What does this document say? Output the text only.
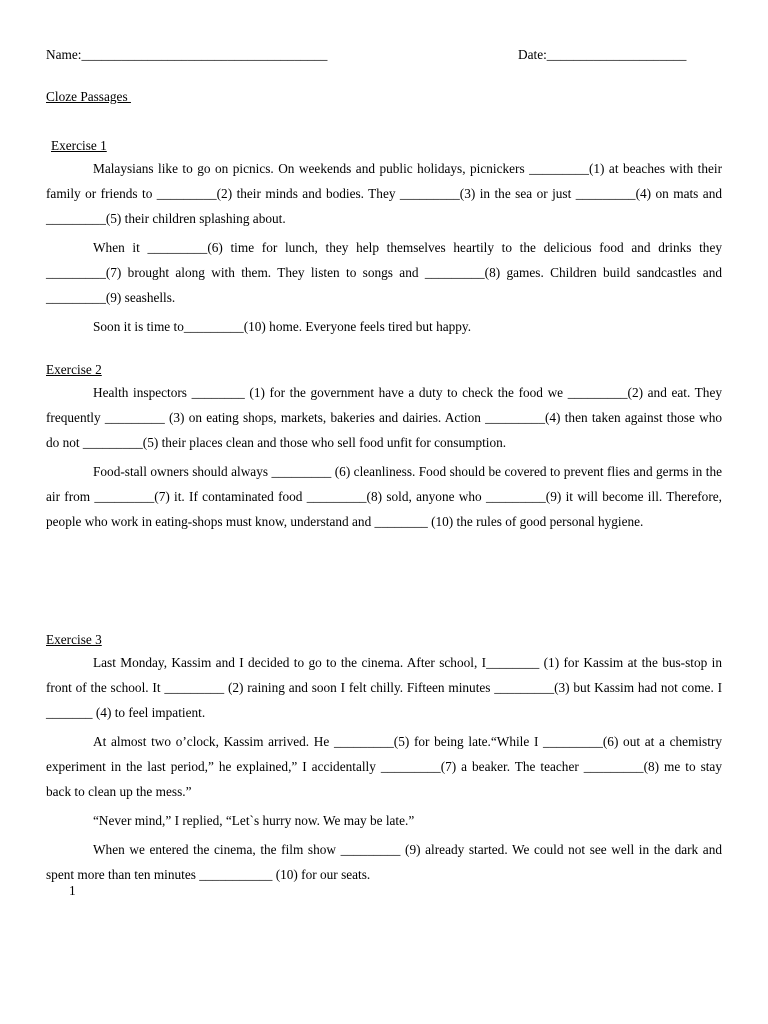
Name:_____________________________________	Date:_____________________
Cloze Passages
Exercise 1

Malaysians like to go on picnics. On weekends and public holidays, picnickers _________(1) at beaches with their family or friends to _________(2) their minds and bodies. They _________(3) in the sea or just _________(4) on mats and _________(5) their children splashing about.

When it _________(6) time for lunch, they help themselves heartily to the delicious food and drinks they _________(7) brought along with them. They listen to songs and _________(8) games. Children build sandcastles and _________(9) seashells.

Soon it is time to_________(10) home. Everyone feels tired but happy.

Exercise 2

Health inspectors ________ (1) for the government have a duty to check the food we _________(2) and eat. They frequently _________ (3) on eating shops, markets, bakeries and dairies. Action _________(4) then taken against those who do not _________(5) their places clean and those who sell food unfit for consumption.

Food-stall owners should always _________ (6) cleanliness. Food should be covered to prevent flies and germs in the air from _________(7) it. If contaminated food _________(8) sold, anyone who _________(9) it will become ill. Therefore, people who work in eating-shops must know, understand and ________ (10) the rules of good personal hygiene.

Exercise 3

Last Monday, Kassim and I decided to go to the cinema. After school, I________ (1) for Kassim at the bus-stop in front of the school. It _________ (2) raining and soon I felt chilly. Fifteen minutes _________(3) but Kassim had not come. I _______ (4) to feel impatient.

At almost two o’clock, Kassim arrived. He _________(5) for being late.“While I _________(6) out at a chemistry experiment in the last period,” he explained,” I accidentally _________(7) a beaker. The teacher _________(8) me to stay back to clean up the mess.”

“Never mind,” I replied, “Let`s hurry now. We may be late.”

When we entered the cinema, the film show _________ (9) already started. We could not see well in the dark and spent more than ten minutes ___________ (10) for our seats.

1
